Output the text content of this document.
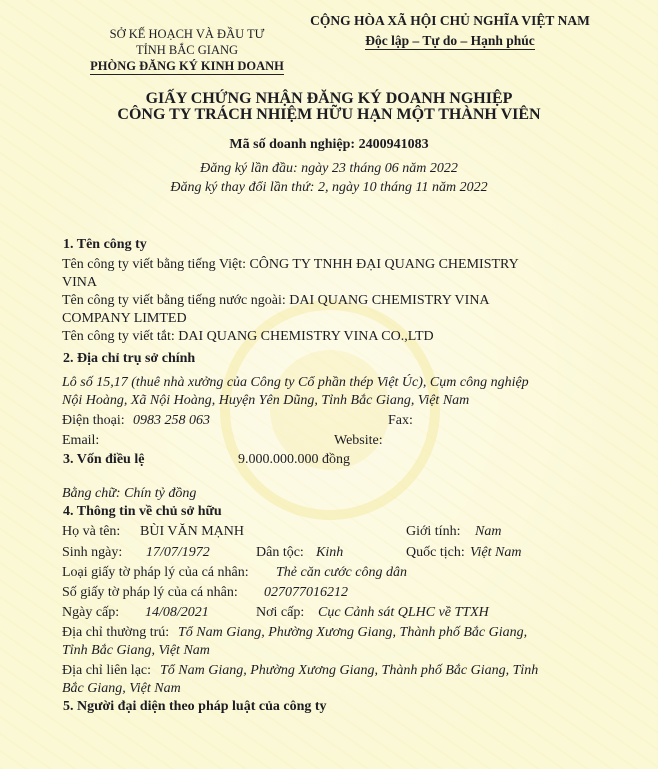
SỞ KẾ HOẠCH VÀ ĐẦU TƯ
TỈNH BẮC GIANG
PHÒNG ĐĂNG KÝ KINH DOANH
CỘNG HÒA XÃ HỘI CHỦ NGHĨA VIỆT NAM
Độc lập – Tự do – Hạnh phúc
GIẤY CHỨNG NHẬN ĐĂNG KÝ DOANH NGHIỆP
CÔNG TY TRÁCH NHIỆM HỮU HẠN MỘT THÀNH VIÊN
Mã số doanh nghiệp: 2400941083
Đăng ký lần đầu: ngày 23 tháng 06 năm 2022
Đăng ký thay đổi lần thứ: 2, ngày 10 tháng 11 năm 2022
1. Tên công ty
Tên công ty viết bằng tiếng Việt: CÔNG TY TNHH ĐẠI QUANG CHEMISTRY
VINA
Tên công ty viết bằng tiếng nước ngoài: DAI QUANG CHEMISTRY VINA
COMPANY LIMTED
Tên công ty viết tắt: DAI QUANG CHEMISTRY VINA CO.,LTD
2. Địa chỉ trụ sở chính
Lô số 15,17 (thuê nhà xưởng của Công ty Cổ phần thép Việt Úc), Cụm công nghiệp
Nội Hoàng, Xã Nội Hoàng, Huyện Yên Dũng, Tỉnh Bắc Giang, Việt Nam
Điện thoại: 0983 258 063	Fax:
Email:	Website:
3. Vốn điều lệ	9.000.000.000 đồng
Bằng chữ: Chín tỷ đồng
4. Thông tin về chủ sở hữu
Họ và tên: BÙI VĂN MẠNH	Giới tính: Nam
Sinh ngày: 17/07/1972	Dân tộc: Kinh	Quốc tịch: Việt Nam
Loại giấy tờ pháp lý của cá nhân: Thẻ căn cước công dân
Số giấy tờ pháp lý của cá nhân: 027077016212
Ngày cấp: 14/08/2021	Nơi cấp: Cục Cảnh sát QLHC về TTXH
Địa chỉ thường trú: Tổ Nam Giang, Phường Xương Giang, Thành phố Bắc Giang,
Tỉnh Bắc Giang, Việt Nam
Địa chỉ liên lạc: Tổ Nam Giang, Phường Xương Giang, Thành phố Bắc Giang, Tỉnh
Bắc Giang, Việt Nam
5. Người đại diện theo pháp luật của công ty
